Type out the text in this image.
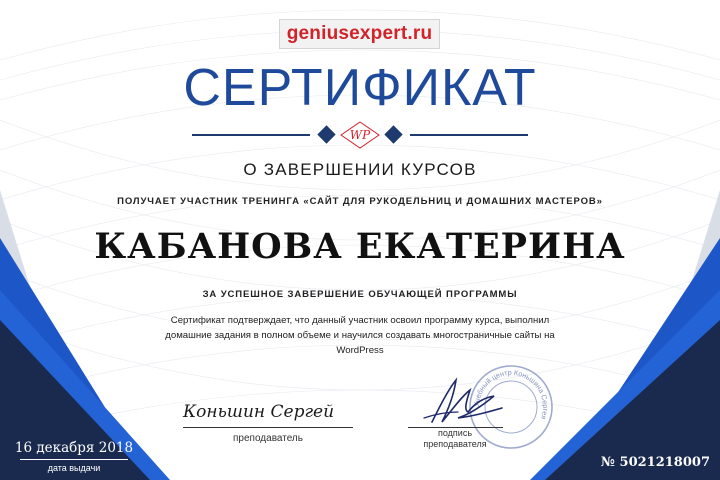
geniusexpert.ru
СЕРТИФИКАТ
WP
О ЗАВЕРШЕНИИ КУРСОВ
ПОЛУЧАЕТ УЧАСТНИК ТРЕНИНГА «САЙТ ДЛЯ РУКОДЕЛЬНИЦ И ДОМАШНИХ МАСТЕРОВ»
КАБАНОВА ЕКАТЕРИНА
ЗА УСПЕШНОЕ ЗАВЕРШЕНИЕ ОБУЧАЮЩЕЙ ПРОГРАММЫ
Сертификат подтверждает, что данный участник освоил программу курса, выполнил домашние задания в полном объеме и научился создавать многостраничные сайты на WordPress
Коньшин Сергей
преподаватель
Учебный центр Коньшина Сергея
подпись
преподавателя
16 декабря 2018
дата выдачи	№ 5021218007
